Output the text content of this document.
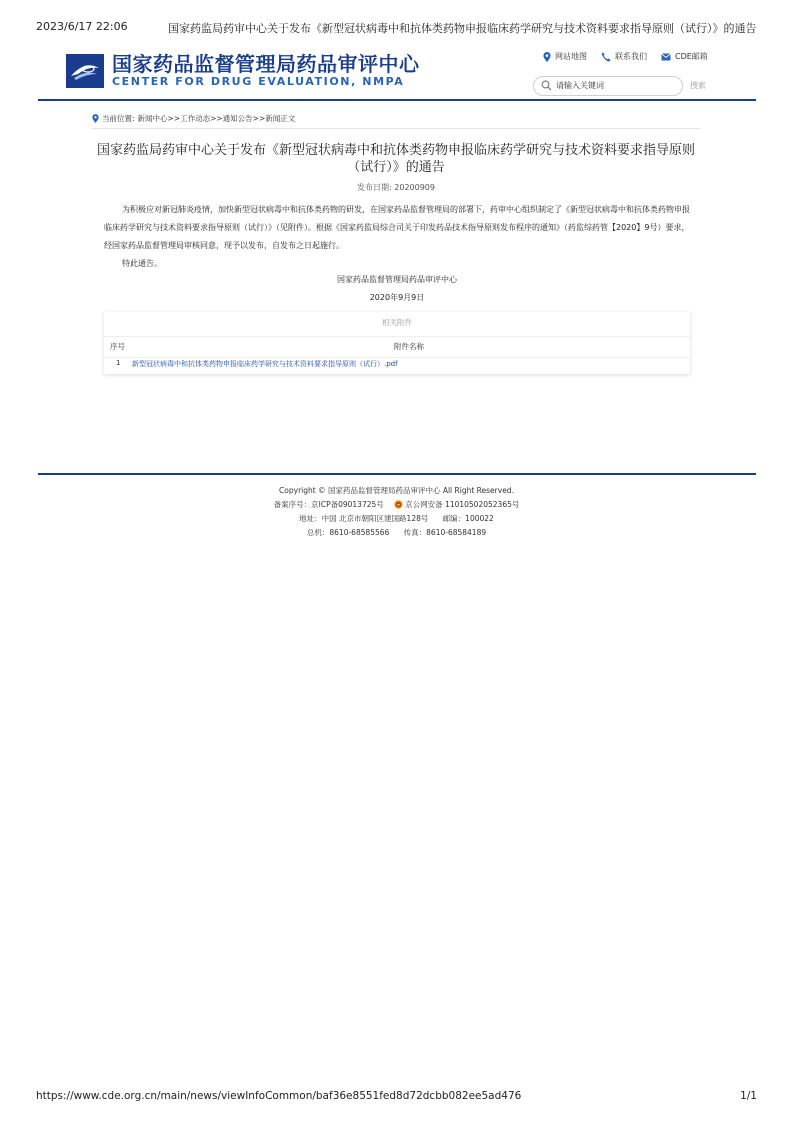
2023/6/17 22:06	国家药监局药审中心关于发布《新型冠状病毒中和抗体类药物申报临床药学研究与技术资料要求指导原则（试行）》的通告
https://www.cde.org.cn/main/news/viewInfoCommon/baf36e8551fed8d72dcbb082ee5ad476	1/1
国家药品监督管理局药品审评中心
CENTER FOR DRUG EVALUATION, NMPA
网站地图	联系我们	CDE邮箱
请输入关键词
搜索
当前位置: 新闻中心>>工作动态>>通知公告>>新闻正文
国家药监局药审中心关于发布《新型冠状病毒中和抗体类药物申报临床药学研究与技术资料要求指导原则（试行）》的通告
发布日期: 20200909

为积极应对新冠肺炎疫情，加快新型冠状病毒中和抗体类药物的研发，在国家药品监督管理局的部署下，药审中心组织制定了《新型冠状病毒中和抗体类药物申报临床药学研究与技术资料要求指导原则（试行）》（见附件）。根据《国家药监局综合司关于印发药品技术指导原则发布程序的通知》（药监综药管【2020】9号）要求，经国家药品监督管理局审核同意，现予以发布，自发布之日起施行。

特此通告。

国家药品监督管理局药品审评中心
2020年9月9日
相关附件
序号	附件名称
1 新型冠状病毒中和抗体类药物申报临床药学研究与技术资料要求指导原则（试行）.pdf
Copyright © 国家药品监督管理局药品审评中心 All Right Reserved.
备案序号：京ICP备09013725号	京公网安备 11010502052365号
地址：中国 北京市朝阳区建国路128号 邮编：100022
总机：8610-68585566 传真：8610-68584189
